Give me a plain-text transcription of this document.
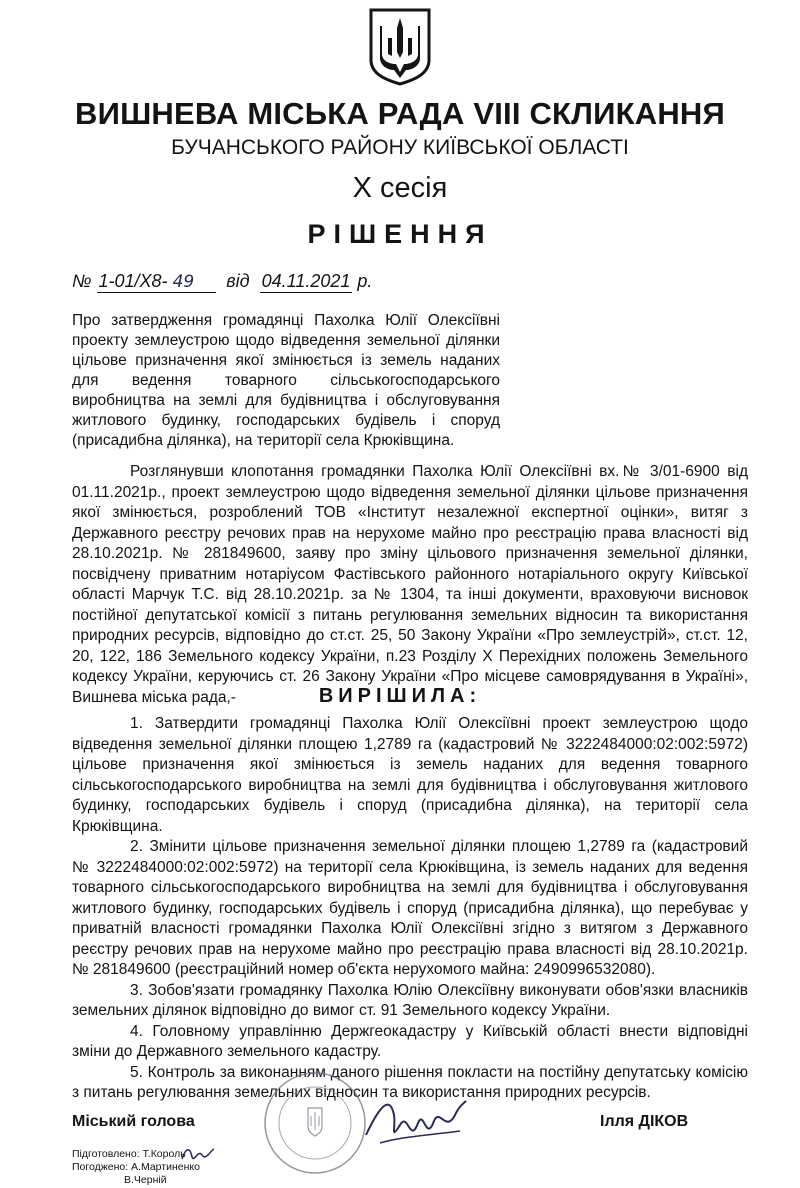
ВИШНЕВА МІСЬКА РАДА VIII СКЛИКАННЯ
БУЧАНСЬКОГО РАЙОНУ КИЇВСЬКОЇ ОБЛАСТІ
X сесія
РІШЕННЯ
№ 1-01/Х8- 49 від 04.11.2021 р.
Про затвердження громадянці Пахолка Юлії Олексіївні проекту землеустрою щодо відведення земельної ділянки цільове призначення якої змінюється із земель наданих для ведення товарного сільськогосподарського виробництва на землі для будівництва і обслуговування житлового будинку, господарських будівель і споруд (присадибна ділянка), на території села Крюківщина.

Розглянувши клопотання громадянки Пахолка Юлії Олексіївні вх.№ 3/01-6900 від 01.11.2021р., проект землеустрою щодо відведення земельної ділянки цільове призначення якої змінюється, розроблений ТОВ «Інститут незалежної експертної оцінки», витяг з Державного реєстру речових прав на нерухоме майно про реєстрацію права власності від 28.10.2021р. № 281849600, заяву про зміну цільового призначення земельної ділянки, посвідчену приватним нотаріусом Фастівського районного нотаріального округу Київської області Марчук Т.С. від 28.10.2021р. за № 1304, та інші документи, враховуючи висновок постійної депутатської комісії з питань регулювання земельних відносин та використання природних ресурсів, відповідно до ст.ст. 25, 50 Закону України «Про землеустрій», ст.ст. 12, 20, 122, 186 Земельного кодексу України, п.23 Розділу X Перехідних положень Земельного кодексу України, керуючись ст. 26 Закону України «Про місцеве самоврядування в Україні», Вишнева міська рада,-	ВИРІШИЛА:

1. Затвердити громадянці Пахолка Юлії Олексіївні проект землеустрою щодо відведення земельної ділянки площею 1,2789 га (кадастровий № 3222484000:02:002:5972) цільове призначення якої змінюється із земель наданих для ведення товарного сільськогосподарського виробництва на землі для будівництва і обслуговування житлового будинку, господарських будівель і споруд (присадибна ділянка), на території села Крюківщина.

2. Змінити цільове призначення земельної ділянки площею 1,2789 га (кадастровий № 3222484000:02:002:5972) на території села Крюківщина, із земель наданих для ведення товарного сільськогосподарського виробництва на землі для будівництва і обслуговування житлового будинку, господарських будівель і споруд (присадибна ділянка), що перебуває у приватній власності громадянки Пахолка Юлії Олексіївні згідно з витягом з Державного реєстру речових прав на нерухоме майно про реєстрацію права власності від 28.10.2021р. № 281849600 (реєстраційний номер об'єкта нерухомого майна: 2490996532080).

3. Зобов'язати громадянку Пахолка Юлію Олексіївну виконувати обов'язки власників земельних ділянок відповідно до вимог ст. 91 Земельного кодексу України.

4. Головному управлінню Держгеокадастру у Київській області внести відповідні зміни до Державного земельного кадастру.

5. Контроль за виконанням даного рішення покласти на постійну депутатську комісію з питань регулювання земельних відносин та використання природних ресурсів.

Міський голова	Ілля ДІКОВ
Підготовлено: Т.Король
Погоджено: А.Мартиненко
В.Черній
